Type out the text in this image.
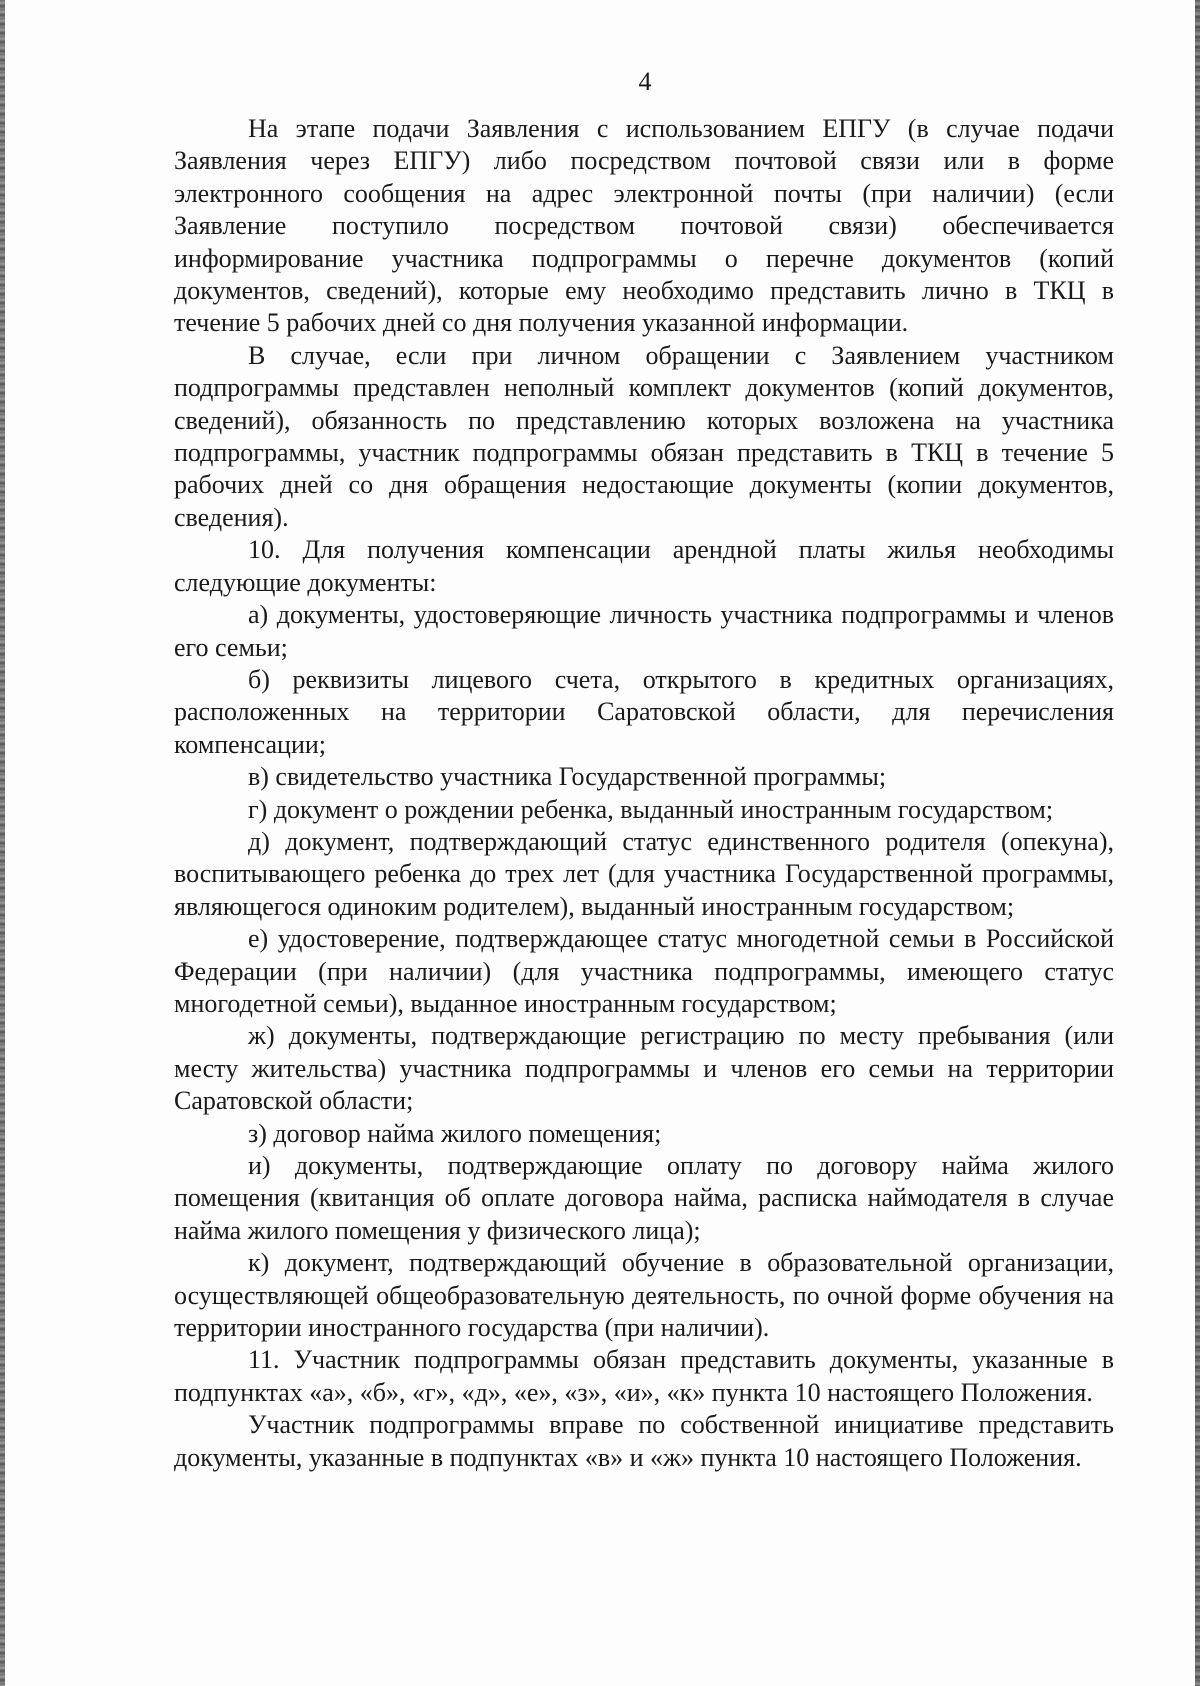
4

На этапе подачи Заявления с использованием ЕПГУ (в случае подачи Заявления через ЕПГУ) либо посредством почтовой связи или в форме электронного сообщения на адрес электронной почты (при наличии) (если Заявление поступило посредством почтовой связи) обеспечивается информирование участника подпрограммы о перечне документов (копий документов, сведений), которые ему необходимо представить лично в ТКЦ в течение 5 рабочих дней со дня получения указанной информации.

В случае, если при личном обращении с Заявлением участником подпрограммы представлен неполный комплект документов (копий документов, сведений), обязанность по представлению которых возложена на участника подпрограммы, участник подпрограммы обязан представить в ТКЦ в течение 5 рабочих дней со дня обращения недостающие документы (копии документов, сведения).

10. Для получения компенсации арендной платы жилья необходимы следующие документы:

а) документы, удостоверяющие личность участника подпрограммы и членов его семьи;

б) реквизиты лицевого счета, открытого в кредитных организациях, расположенных на территории Саратовской области, для перечисления компенсации;

в) свидетельство участника Государственной программы;

г) документ о рождении ребенка, выданный иностранным государством;

д) документ, подтверждающий статус единственного родителя (опекуна), воспитывающего ребенка до трех лет (для участника Государственной программы, являющегося одиноким родителем), выданный иностранным государством;

е) удостоверение, подтверждающее статус многодетной семьи в Российской Федерации (при наличии) (для участника подпрограммы, имеющего статус многодетной семьи), выданное иностранным государством;

ж) документы, подтверждающие регистрацию по месту пребывания (или месту жительства) участника подпрограммы и членов его семьи на территории Саратовской области;

з) договор найма жилого помещения;

и) документы, подтверждающие оплату по договору найма жилого помещения (квитанция об оплате договора найма, расписка наймодателя в случае найма жилого помещения у физического лица);

к) документ, подтверждающий обучение в образовательной организации, осуществляющей общеобразовательную деятельность, по очной форме обучения на территории иностранного государства (при наличии).

11. Участник подпрограммы обязан представить документы, указанные в подпунктах «а», «б», «г», «д», «е», «з», «и», «к» пункта 10 настоящего Положения.

Участник подпрограммы вправе по собственной инициативе представить документы, указанные в подпунктах «в» и «ж» пункта 10 настоящего Положения.
